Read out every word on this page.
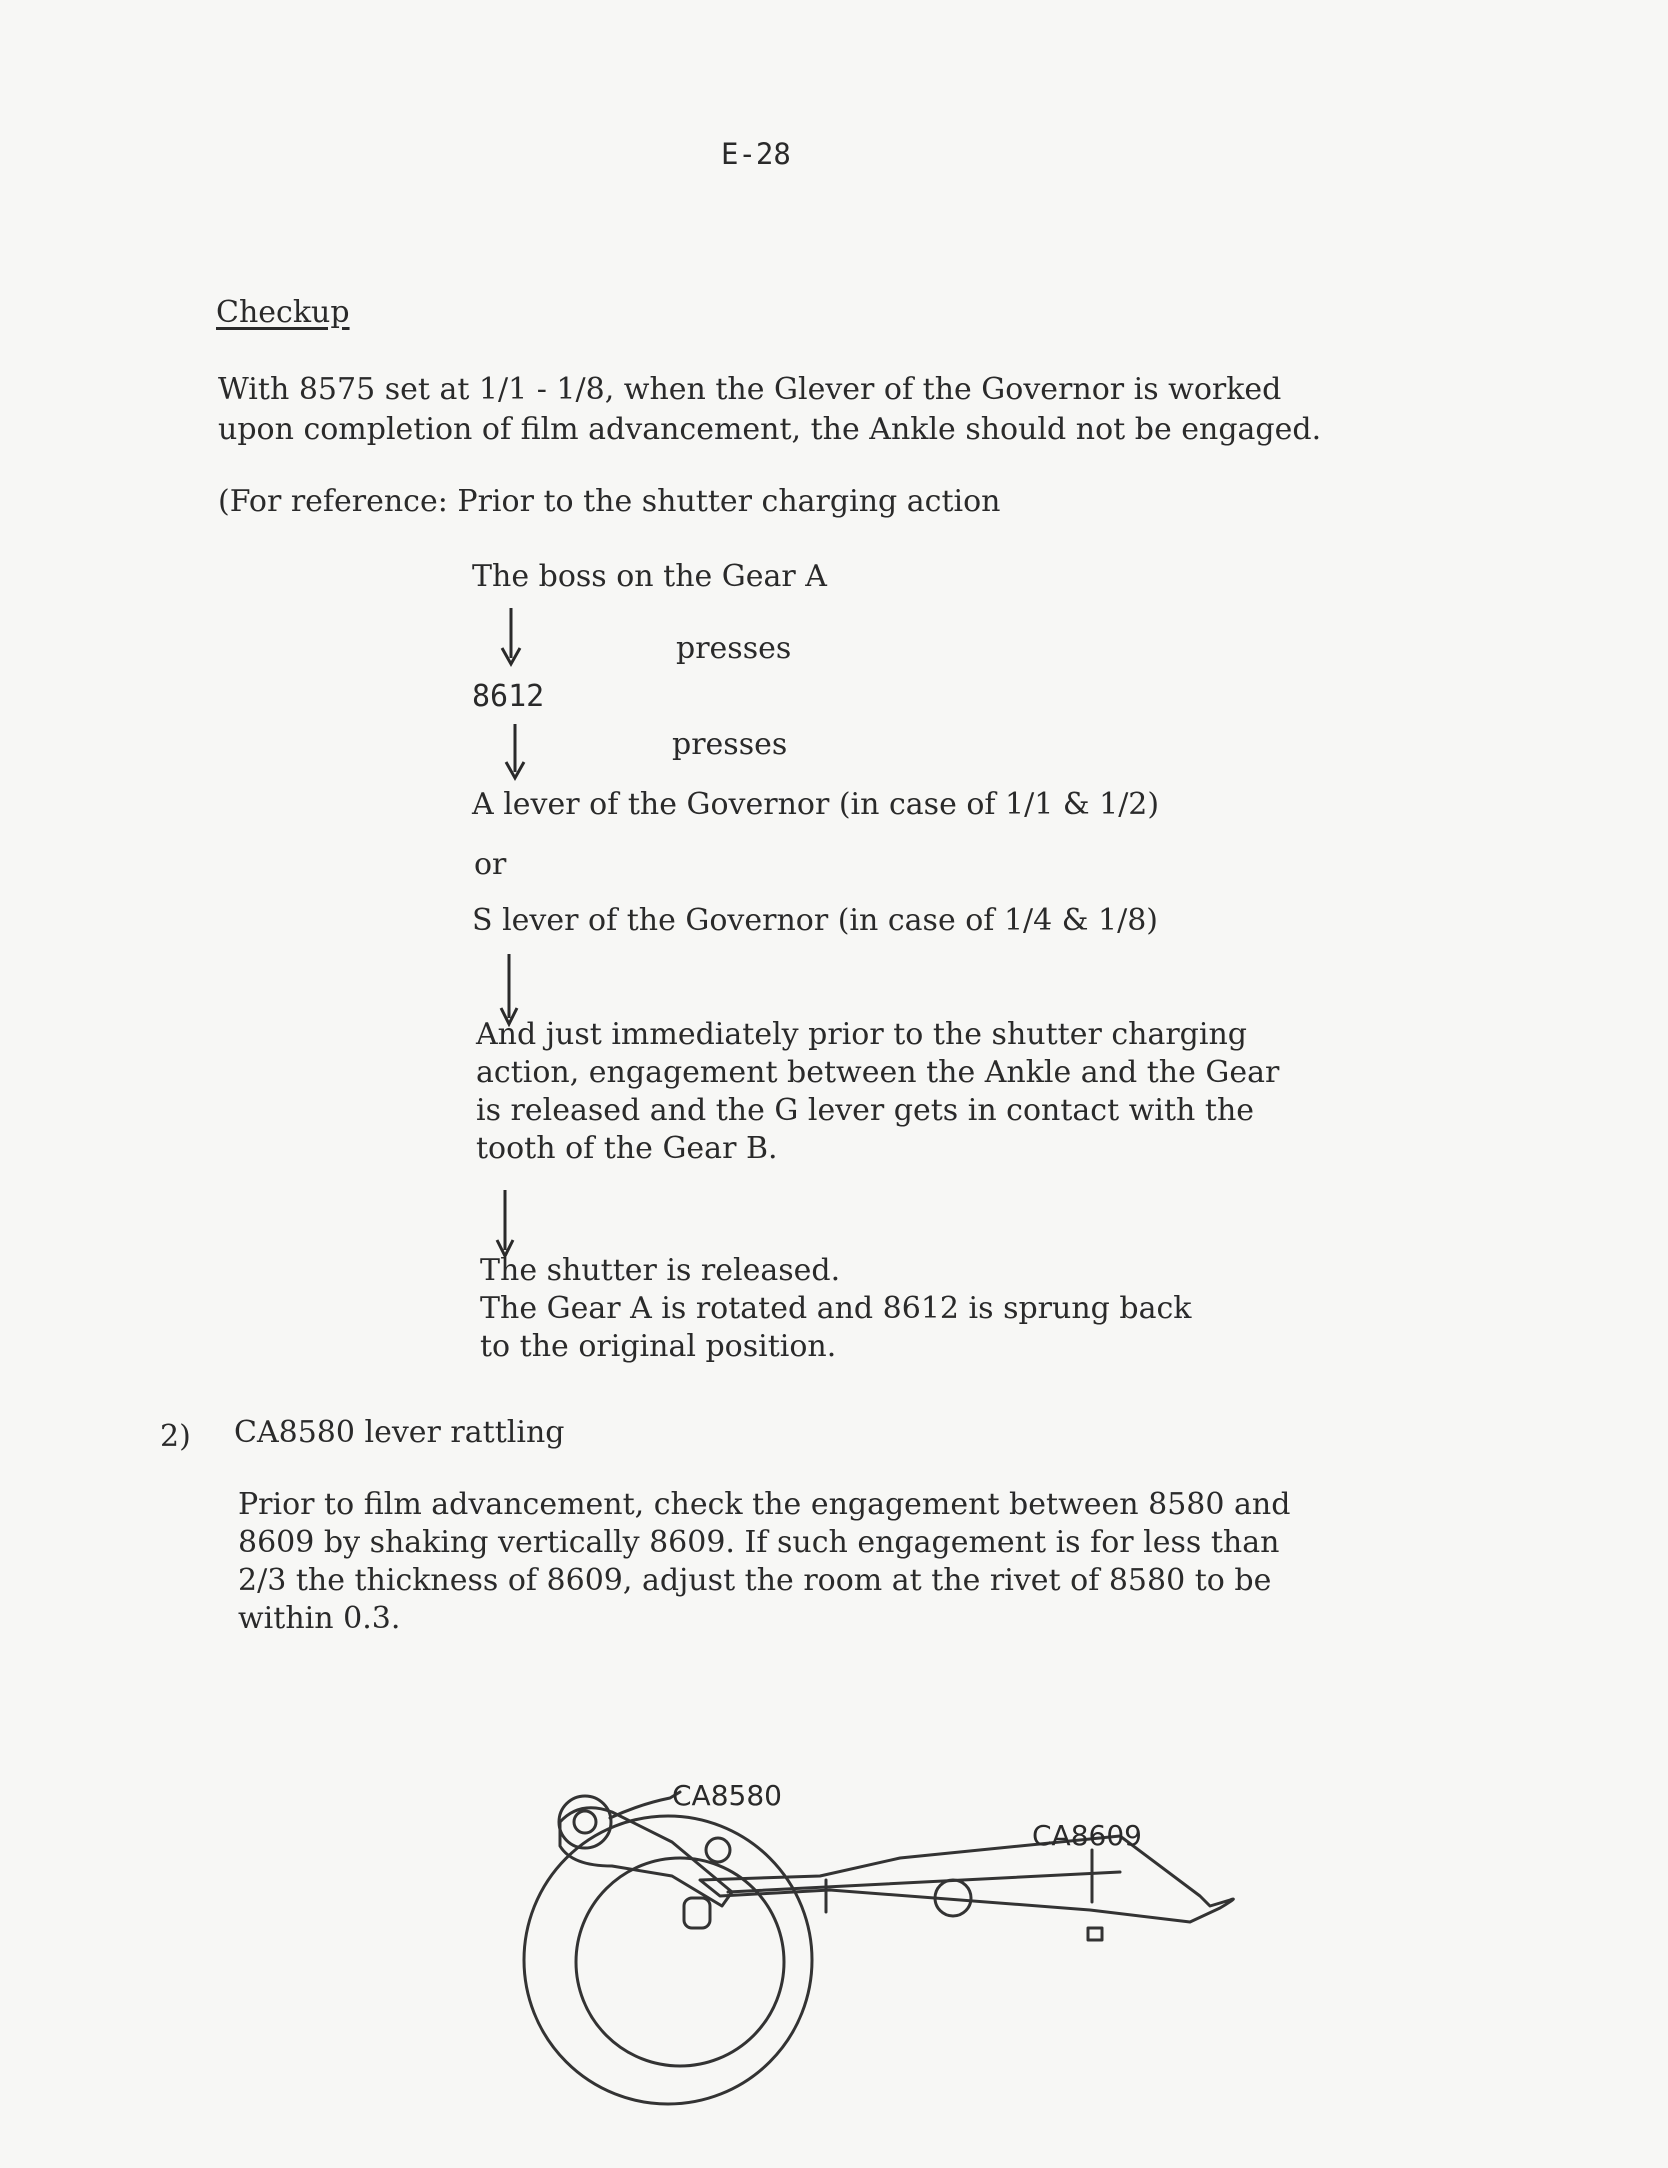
E-28
Checkup
With 8575 set at 1/1 - 1/8, when the Glever of the Governor is worked
upon completion of film advancement, the Ankle should not be engaged.
(For reference: Prior to the shutter charging action
The boss on the Gear A
presses
8612
presses
A lever of the Governor (in case of 1/1 & 1/2)
or
S lever of the Governor (in case of 1/4 & 1/8)
And just immediately prior to the shutter charging
action, engagement between the Ankle and the Gear
is released and the G lever gets in contact with the
tooth of the Gear B.
The shutter is released.
The Gear A is rotated and 8612 is sprung back
to the original position.
2) CA8580 lever rattling
Prior to film advancement, check the engagement between 8580 and
8609 by shaking vertically 8609. If such engagement is for less than
2/3 the thickness of 8609, adjust the room at the rivet of 8580 to be
within 0.3.
CA8580
CA8609
